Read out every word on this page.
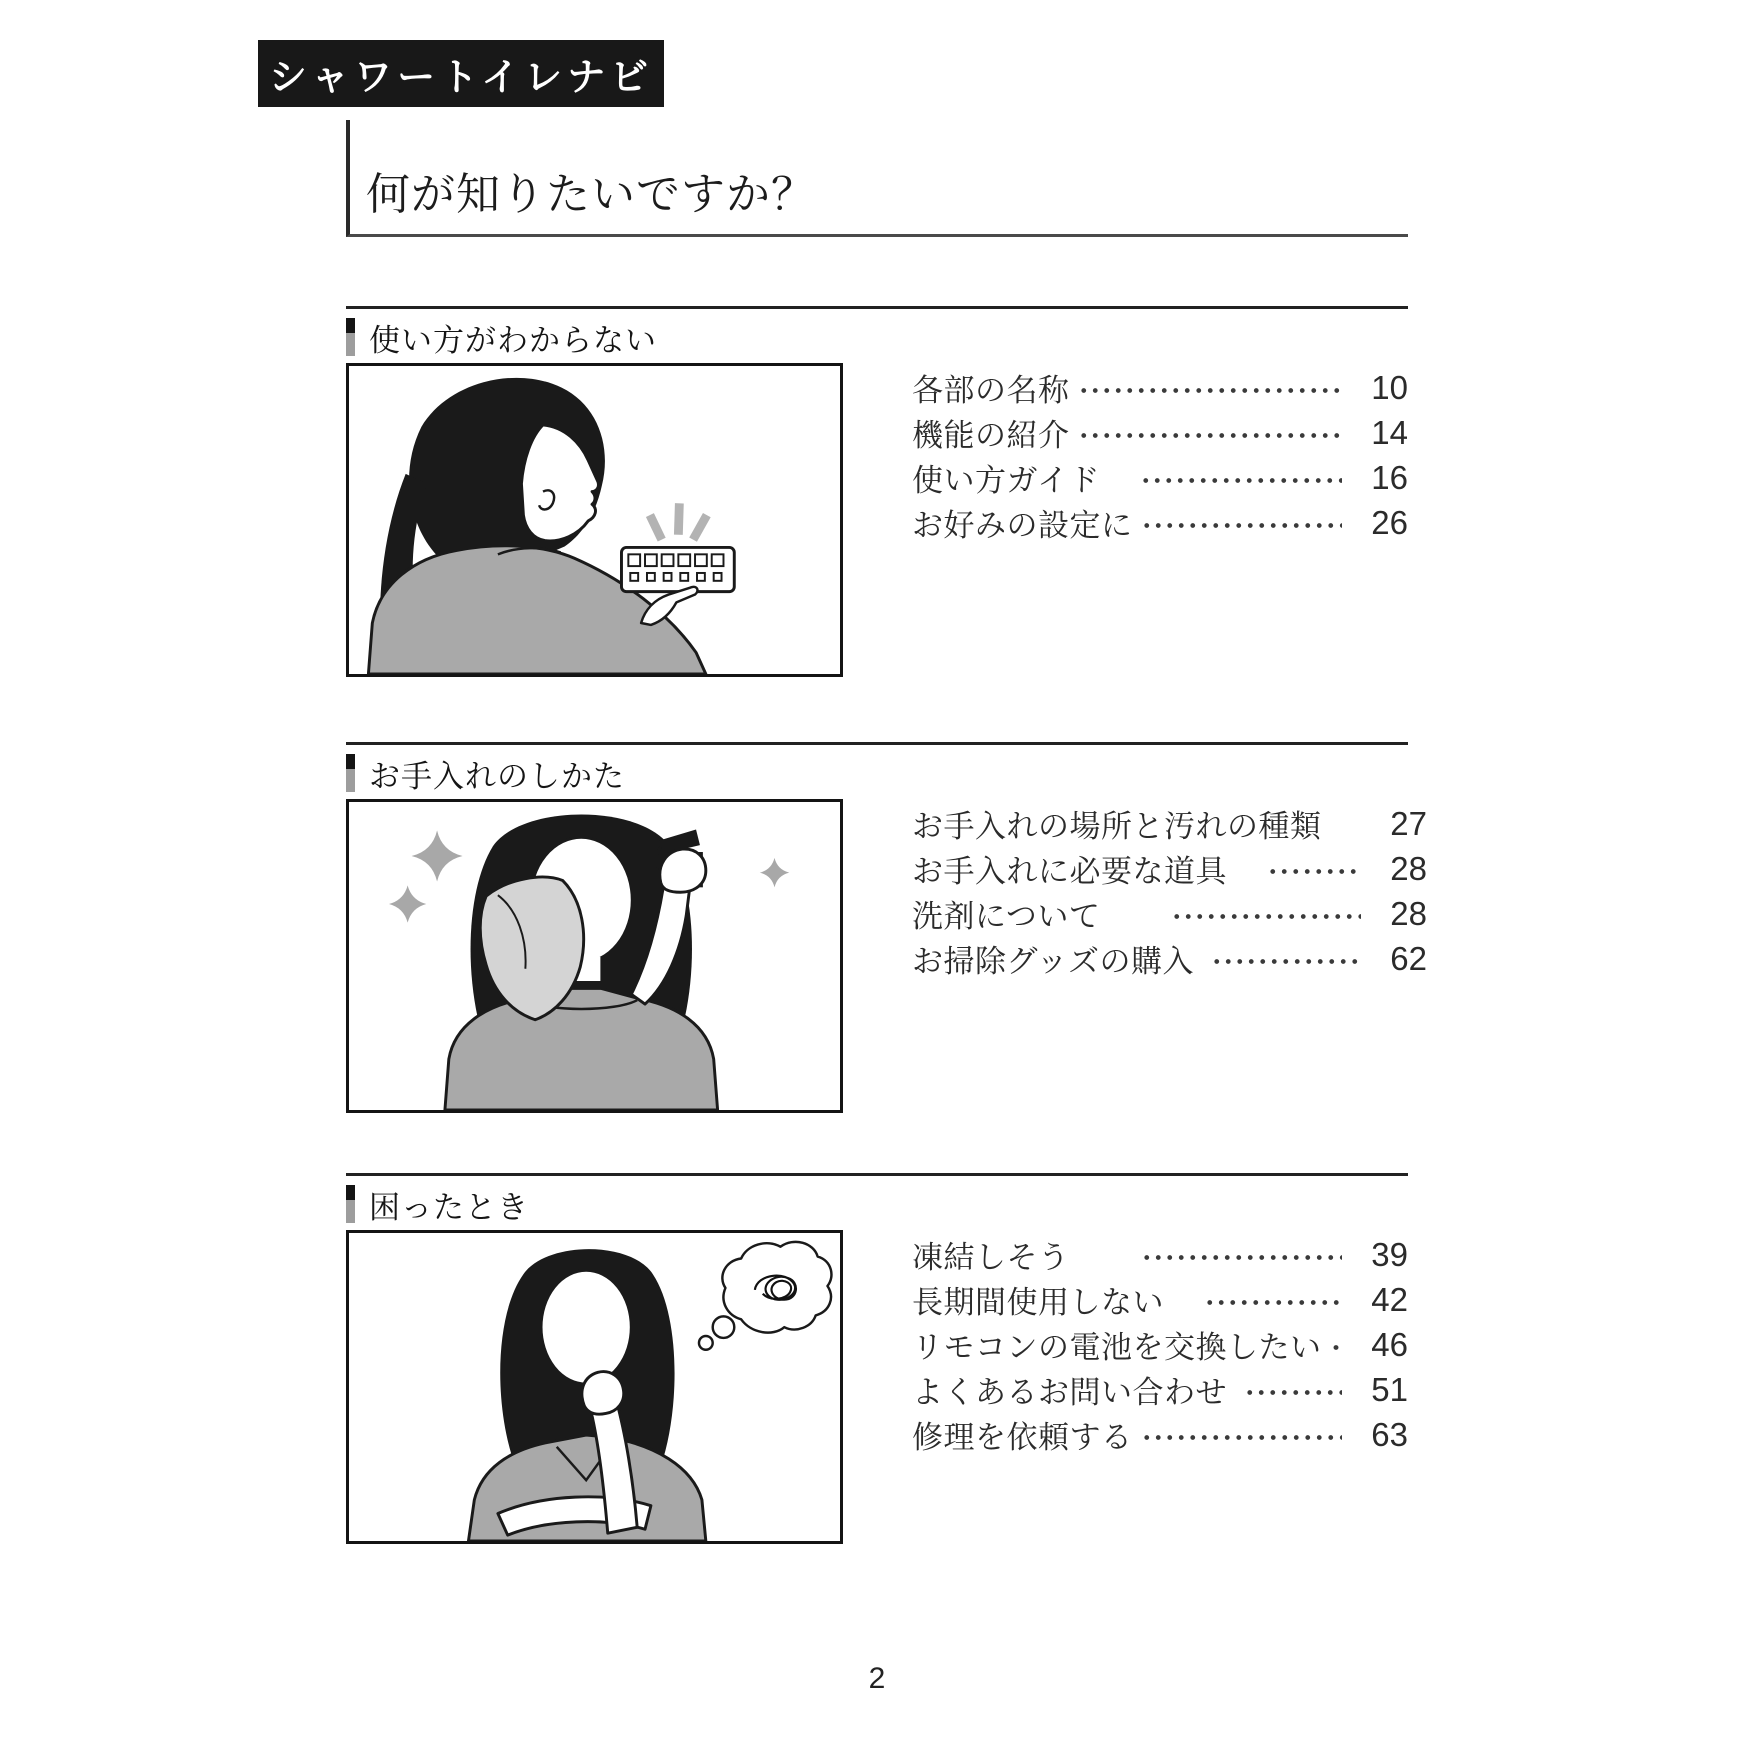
シャワートイレナビ
何が知りたいですか？
使い方がわからない
各部の名称	10
機能の紹介	14
使い方ガイド　	16
お好みの設定に	26
お手入れのしかた
お手入れの場所と汚れの種類　	27
お手入れに必要な道具　	28
洗剤について　　	28
お掃除グッズの購入	62
困ったとき
凍結しそう　　	39
長期間使用しない　	42
リモコンの電池を交換したい	46
よくあるお問い合わせ	51
修理を依頼する	63
2
